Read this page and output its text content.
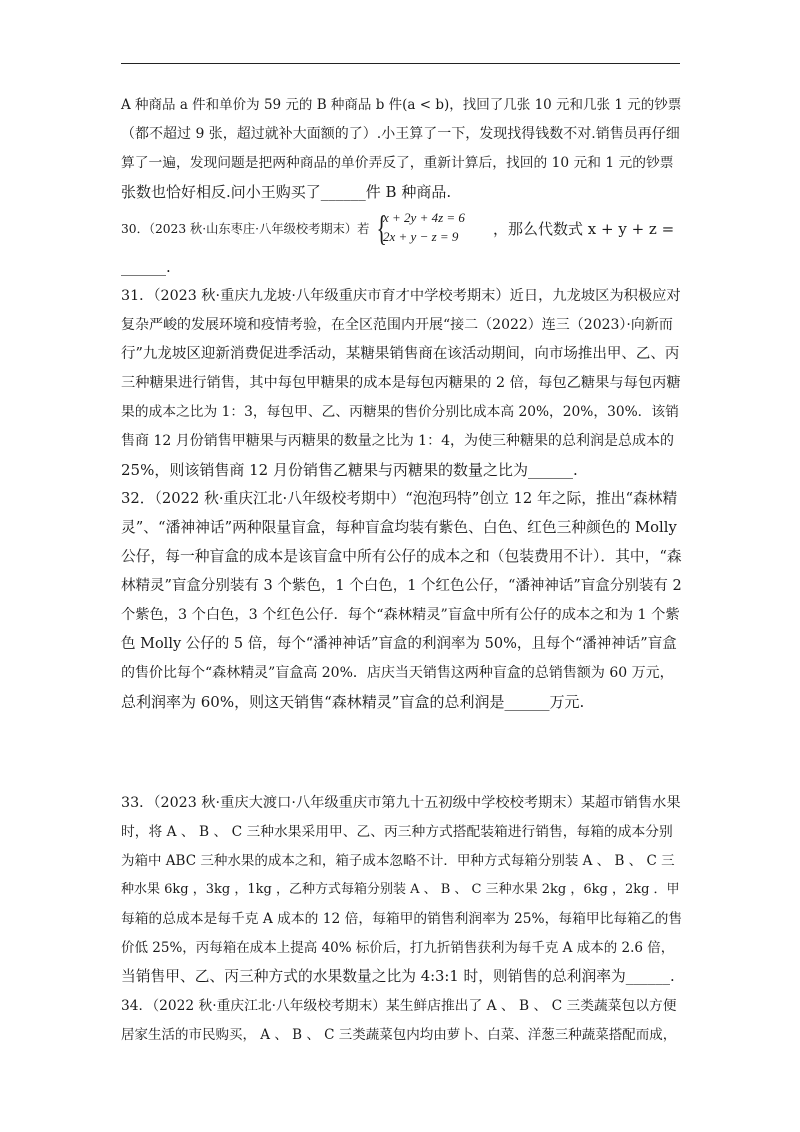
A 种商品 a 件和单价为 59 元的 B 种商品 b 件(a < b)，找回了几张 10 元和几张 1 元的钞票
（都不超过 9 张，超过就补大面额的了）.小王算了一下，发现找得钱数不对.销售员再仔细
算了一遍，发现问题是把两种商品的单价弄反了，重新计算后，找回的 10 元和 1 元的钞票
张数也恰好相反.问小王购买了______件 B 种商品.
30．（2023 秋·山东枣庄·八年级校考期末）若 {
x + 2y + 4z = 6
2x + y − z = 9 ，那么代数式 x + y + z =
______.
31．（2023 秋·重庆九龙坡·八年级重庆市育才中学校考期末）近日，九龙坡区为积极应对
复杂严峻的发展环境和疫情考验，在全区范围内开展“接二（2022）连三（2023）·向新而
行”九龙坡区迎新消费促进季活动，某糖果销售商在该活动期间，向市场推出甲、乙、丙
三种糖果进行销售，其中每包甲糖果的成本是每包丙糖果的 2 倍，每包乙糖果与每包丙糖
果的成本之比为 1：3，每包甲、乙、丙糖果的售价分别比成本高 20%，20%，30%．该销
售商 12 月份销售甲糖果与丙糖果的数量之比为 1：4，为使三种糖果的总利润是总成本的
25%，则该销售商 12 月份销售乙糖果与丙糖果的数量之比为______.
32．（2022 秋·重庆江北·八年级校考期中）“泡泡玛特”创立 12 年之际，推出“森林精
灵”、“潘神神话”两种限量盲盒，每种盲盒均装有紫色、白色、红色三种颜色的 Molly
公仔，每一种盲盒的成本是该盲盒中所有公仔的成本之和（包装费用不计）．其中，“森
林精灵”盲盒分别装有 3 个紫色，1 个白色，1 个红色公仔，“潘神神话”盲盒分别装有 2
个紫色，3 个白色，3 个红色公仔．每个“森林精灵”盲盒中所有公仔的成本之和为 1 个紫
色 Molly 公仔的 5 倍，每个“潘神神话”盲盒的利润率为 50%，且每个“潘神神话”盲盒
的售价比每个“森林精灵”盲盒高 20%．店庆当天销售这两种盲盒的总销售额为 60 万元，
总利润率为 60%，则这天销售“森林精灵”盲盒的总利润是______万元.
33．（2023 秋·重庆大渡口·八年级重庆市第九十五初级中学校校考期末）某超市销售水果
时，将 A 、 B 、 C 三种水果采用甲、乙、丙三种方式搭配装箱进行销售，每箱的成本分别
为箱中 ABC 三种水果的成本之和，箱子成本忽略不计．甲种方式每箱分别装 A 、 B 、 C 三
种水果 6kg ，3kg ，1kg ，乙种方式每箱分别装 A 、 B 、 C 三种水果 2kg ，6kg ，2kg ．甲
每箱的总成本是每千克 A 成本的 12 倍，每箱甲的销售利润率为 25%，每箱甲比每箱乙的售
价低 25%，丙每箱在成本上提高 40% 标价后，打九折销售获利为每千克 A 成本的 2.6 倍，
当销售甲、乙、丙三种方式的水果数量之比为 4:3:1 时，则销售的总利润率为______.
34．（2022 秋·重庆江北·八年级校考期末）某生鲜店推出了 A 、 B 、 C 三类蔬菜包以方便
居家生活的市民购买， A 、 B 、 C 三类蔬菜包内均由萝卜、白菜、洋葱三种蔬菜搭配而成，
